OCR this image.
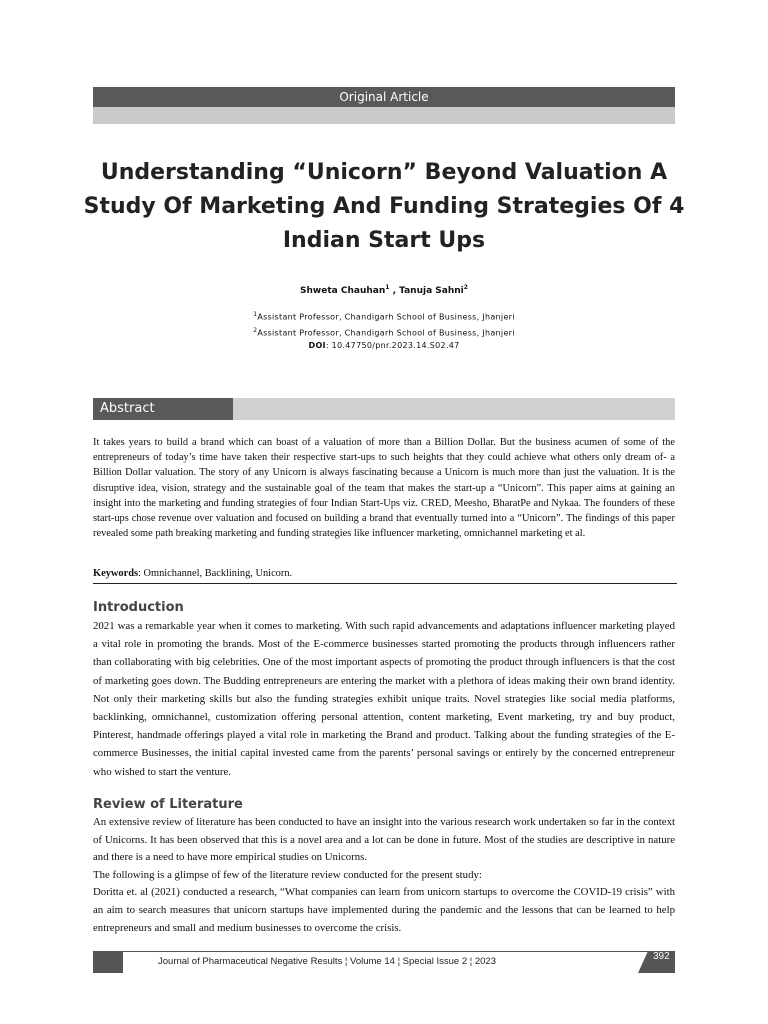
Original Article
Understanding “Unicorn” Beyond Valuation A Study Of Marketing And Funding Strategies Of 4 Indian Start Ups
Shweta Chauhan$^1$ , Tanuja Sahni$^2$
$^1$Assistant Professor, Chandigarh School of Business, Jhanjeri
$^2$Assistant Professor, Chandigarh School of Business, Jhanjeri
DOI: 10.47750/pnr.2023.14.S02.47
Abstract
It takes years to build a brand which can boast of a valuation of more than a Billion Dollar. But the business acumen of some of the entrepreneurs of today’s time have taken their respective start-ups to such heights that they could achieve what others only dream of- a Billion Dollar valuation. The story of any Unicorn is always fascinating because a Unicorn is much more than just the valuation. It is the disruptive idea, vision, strategy and the sustainable goal of the team that makes the start-up a “Unicorn”. This paper aims at gaining an insight into the marketing and funding strategies of four Indian Start-Ups viz. CRED, Meesho, BharatPe and Nykaa. The founders of these start-ups chose revenue over valuation and focused on building a brand that eventually turned into a “Unicorn”. The findings of this paper revealed some path breaking marketing and funding strategies like influencer marketing, omnichannel marketing et al.
Keywords: Omnichannel, Backlining, Unicorn.
Introduction
2021 was a remarkable year when it comes to marketing. With such rapid advancements and adaptations influencer marketing played a vital role in promoting the brands. Most of the E-commerce businesses started promoting the products through influencers rather than collaborating with big celebrities. One of the most important aspects of promoting the product through influencers is that the cost of marketing goes down. The Budding entrepreneurs are entering the market with a plethora of ideas making their own brand identity. Not only their marketing skills but also the funding strategies exhibit unique traits. Novel strategies like social media platforms, backlinking, omnichannel, customization offering personal attention, content marketing, Event marketing, try and buy product, Pinterest, handmade offerings played a vital role in marketing the Brand and product. Talking about the funding strategies of the E-commerce Businesses, the initial capital invested came from the parents’ personal savings or entirely by the concerned entrepreneur who wished to start the venture.
Review of Literature
An extensive review of literature has been conducted to have an insight into the various research work undertaken so far in the context of Unicorns. It has been observed that this is a novel area and a lot can be done in future. Most of the studies are descriptive in nature and there is a need to have more empirical studies on Unicorns.
The following is a glimpse of few of the literature review conducted for the present study:
Doritta et. al (2021) conducted a research, “What companies can learn from unicorn startups to overcome the COVID-19 crisis” with an aim to search measures that unicorn startups have implemented during the pandemic and the lessons that can be learned to help entrepreneurs and small and medium businesses to overcome the crisis.
Journal of Pharmaceutical Negative Results ¦ Volume 14 ¦ Special Issue 2 ¦ 2023	392
